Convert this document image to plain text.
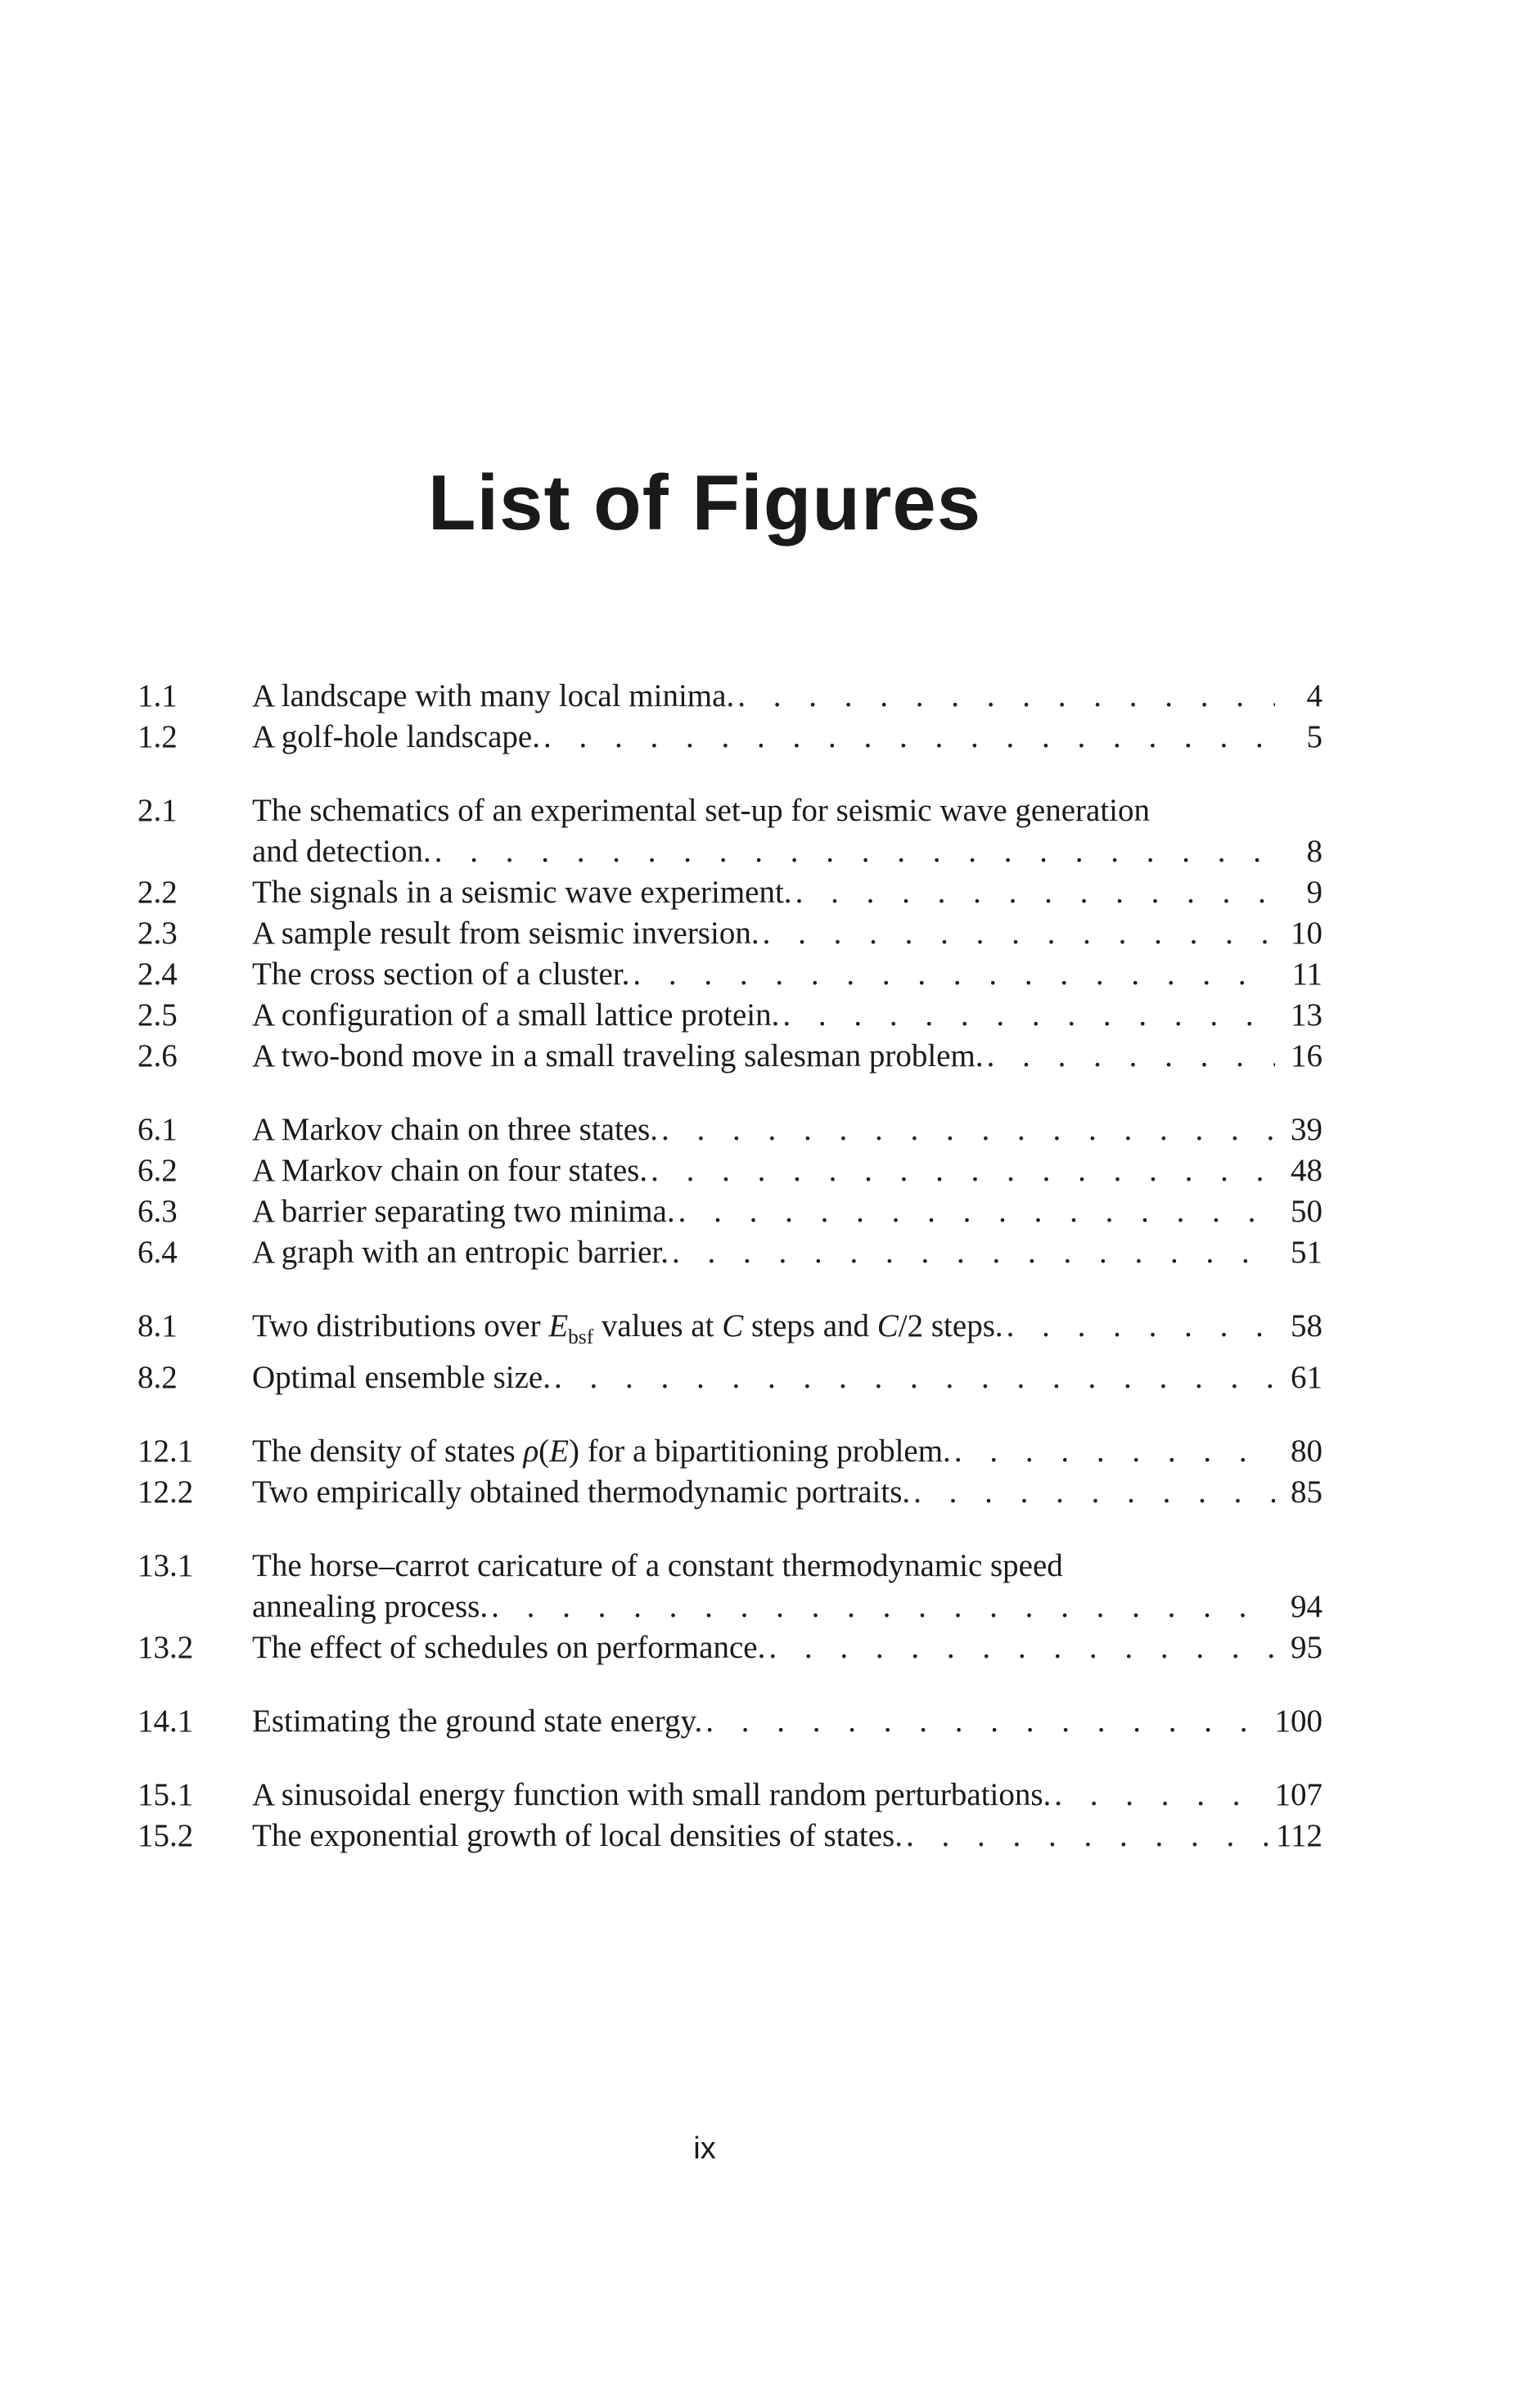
List of Figures
1.1	A landscape with many local minima. . . .	4
1.2	A golf-hole landscape. . . .	5
2.1	The schematics of an experimental set-up for seismic wave generation
and detection. . . .	8
2.2	The signals in a seismic wave experiment. . . .	9
2.3	A sample result from seismic inversion. . . .	10
2.4	The cross section of a cluster. . . .	11
2.5	A configuration of a small lattice protein. . . .	13
2.6	A two-bond move in a small traveling salesman problem. . . .	16
6.1	A Markov chain on three states. . . .	39
6.2	A Markov chain on four states. . . .	48
6.3	A barrier separating two minima. . . .	50
6.4	A graph with an entropic barrier. . . .	51
8.1	Two distributions over $E_{bsf}$ values at C steps and C/2 steps. . . .	58
8.2	Optimal ensemble size. . . .	61
12.1	The density of states ρ(E) for a bipartitioning problem. . . .	80
12.2	Two empirically obtained thermodynamic portraits. . . .	85
13.1	The horse–carrot caricature of a constant thermodynamic speed
annealing process. . . .	94
13.2	The effect of schedules on performance. . . .	95
14.1	Estimating the ground state energy. . . .	100
15.1	A sinusoidal energy function with small random perturbations. . . .	107
15.2	The exponential growth of local densities of states. . . .	112
ix
